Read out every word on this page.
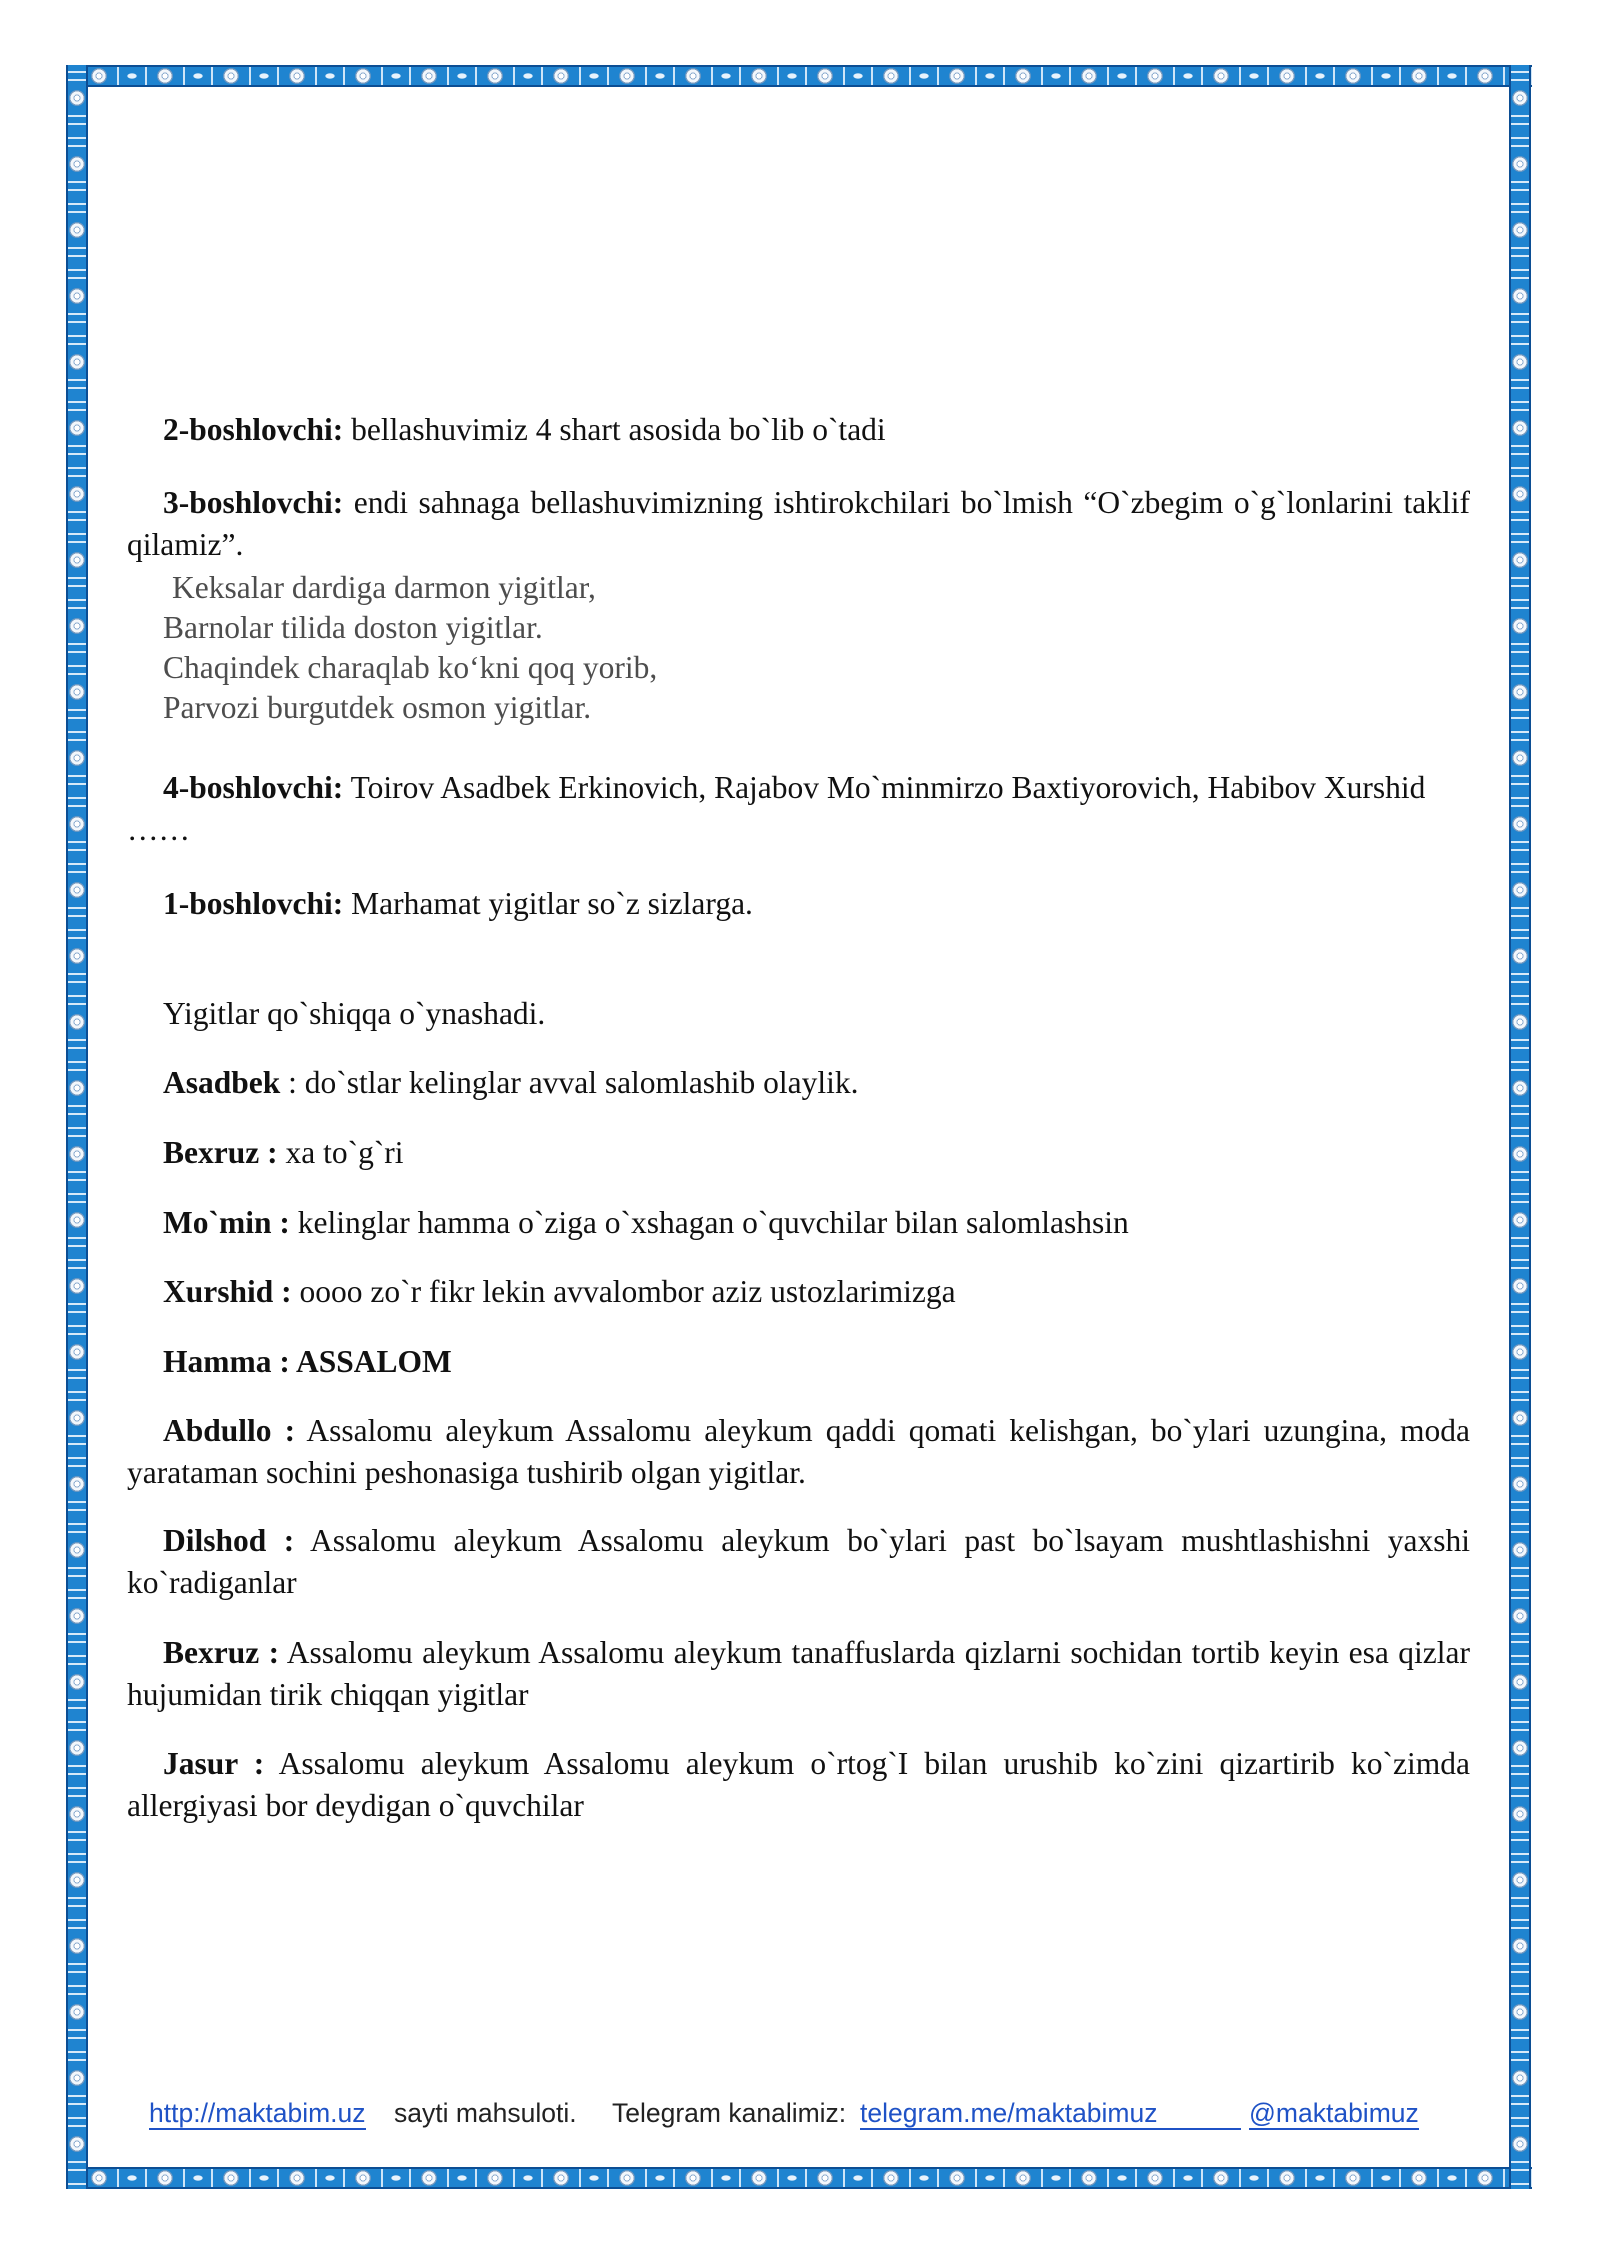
2-boshlovchi: bellashuvimiz 4 shart asosida bo`lib o`tadi

3-boshlovchi: endi sahnaga bellashuvimizning ishtirokchilari bo`lmish “O`zbegim o`g`lonlarini taklif qilamiz”.

Keksalar dardiga darmon yigitlar,
Barnolar tilida doston yigitlar.
Chaqindek charaqlab ko‘kni qoq yorib,
Parvozi burgutdek osmon yigitlar.

4-boshlovchi: Toirov Asadbek Erkinovich, Rajabov Mo`minmirzo Baxtiyorovich, Habibov Xurshid ……

1-boshlovchi: Marhamat yigitlar so`z sizlarga.

Yigitlar qo`shiqqa o`ynashadi.

Asadbek : do`stlar kelinglar avval salomlashib olaylik.

Bexruz : xa to`g`ri

Mo`min : kelinglar hamma o`ziga o`xshagan o`quvchilar bilan salomlashsin

Xurshid : oooo zo`r fikr lekin avvalombor aziz ustozlarimizga

Hamma : ASSALOM

Abdullo : Assalomu aleykum Assalomu aleykum qaddi qomati kelishgan, bo`ylari uzungina, moda yarataman sochini peshonasiga tushirib olgan yigitlar.

Dilshod : Assalomu aleykum Assalomu aleykum bo`ylari past bo`lsayam mushtlashishni yaxshi ko`radiganlar

Bexruz : Assalomu aleykum Assalomu aleykum tanaffuslarda qizlarni sochidan tortib keyin esa qizlar hujumidan tirik chiqqan yigitlar

Jasur : Assalomu aleykum Assalomu aleykum o`rtog`I bilan urushib ko`zini qizartirib ko`zimda allergiyasi bor deydigan o`quvchilar

http://maktabim.uz sayti mahsuloti. Telegram kanalimiz: telegram.me/maktabimuz	@maktabimuz
